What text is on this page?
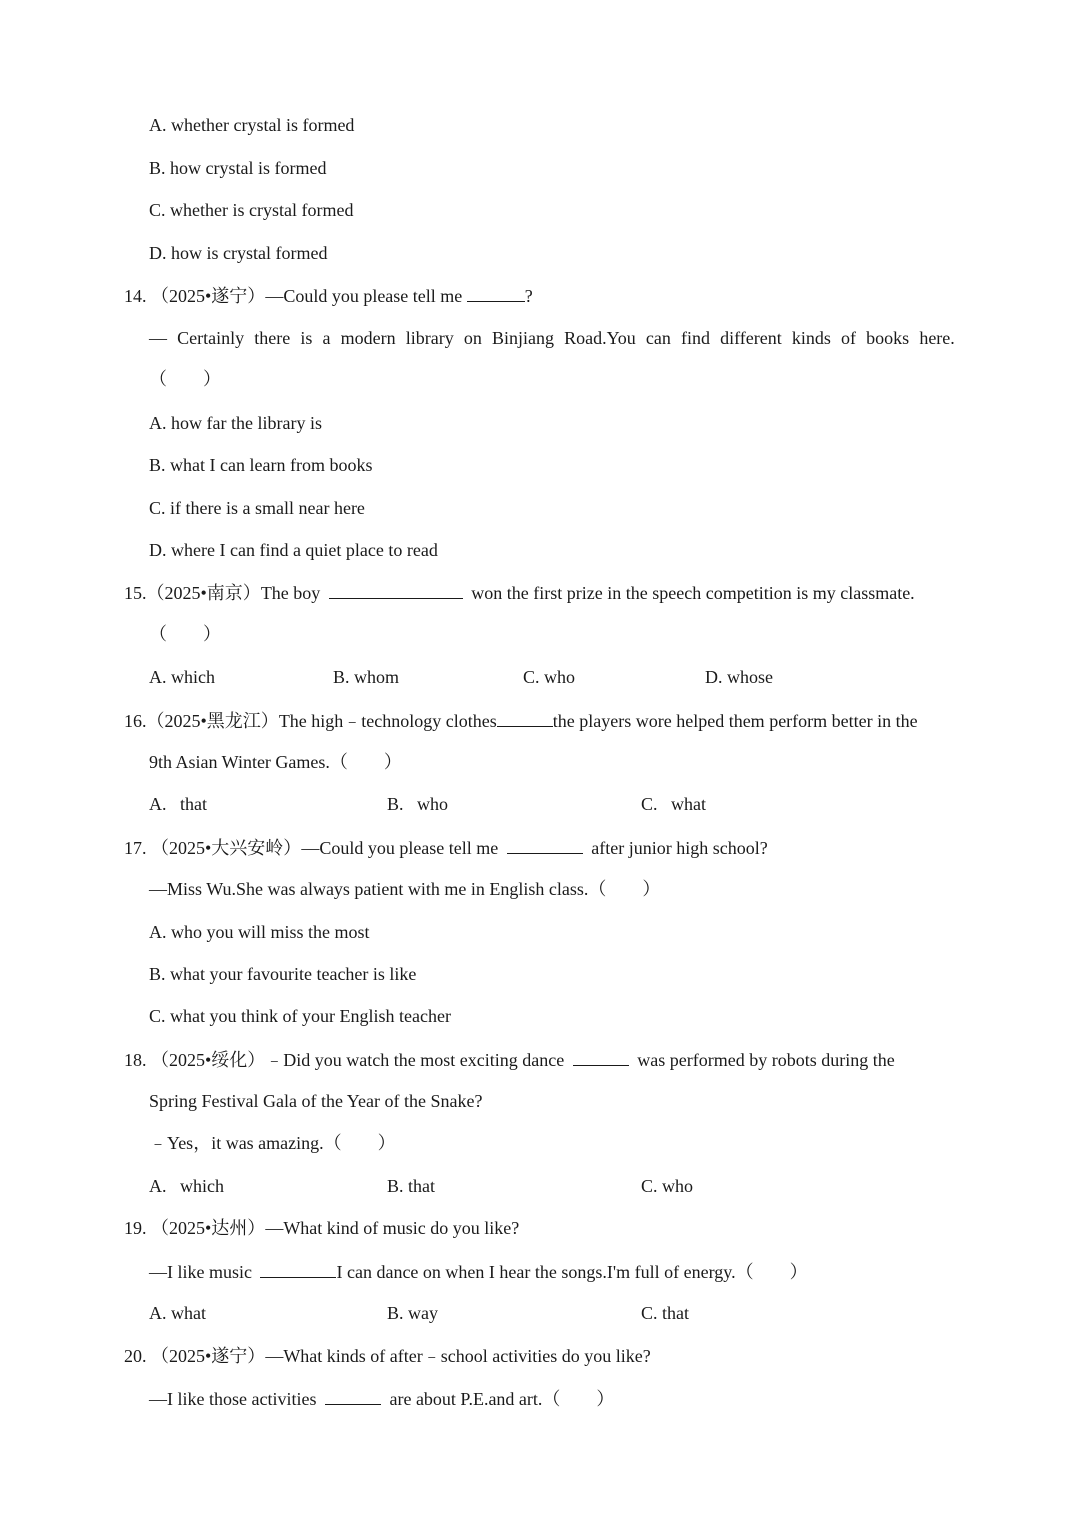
A. whether crystal is formed
B. how crystal is formed
C. whether is crystal formed
D. how is crystal formed
14. （2025•遂宁）—Could you please tell me	?
— Certainly there is a modern library on Binjiang Road.You can find different kinds of books here.
（　　）
A. how far the library is
B. what I can learn from books
C. if there is a small near here
D. where I can find a quiet place to read
15.（2025•南京）The boy	won the first prize in the speech competition is my classmate.
（　　）
A. which	B. whom	C. who	D. whose
16.（2025•黑龙江）The high﹣technology clothes	the players wore helped them perform better in the
9th Asian Winter Games.（　　）
A. that	B. who	C. what
17. （2025•大兴安岭）—Could you please tell me	after junior high school?
—Miss Wu.She was always patient with me in English class.（　　）
A. who you will miss the most
B. what your favourite teacher is like
C. what you think of your English teacher
18. （2025•绥化）﹣Did you watch the most exciting dance	was performed by robots during the
Spring Festival Gala of the Year of the Snake?
﹣Yes，it was amazing.（　　）
A. which	B. that	C. who
19. （2025•达州）—What kind of music do you like?
—I like music	I can dance on when I hear the songs.I'm full of energy.（　　）
A. what	B. way	C. that
20. （2025•遂宁）—What kinds of after﹣school activities do you like?
—I like those activities	are about P.E.and art.（　　）
